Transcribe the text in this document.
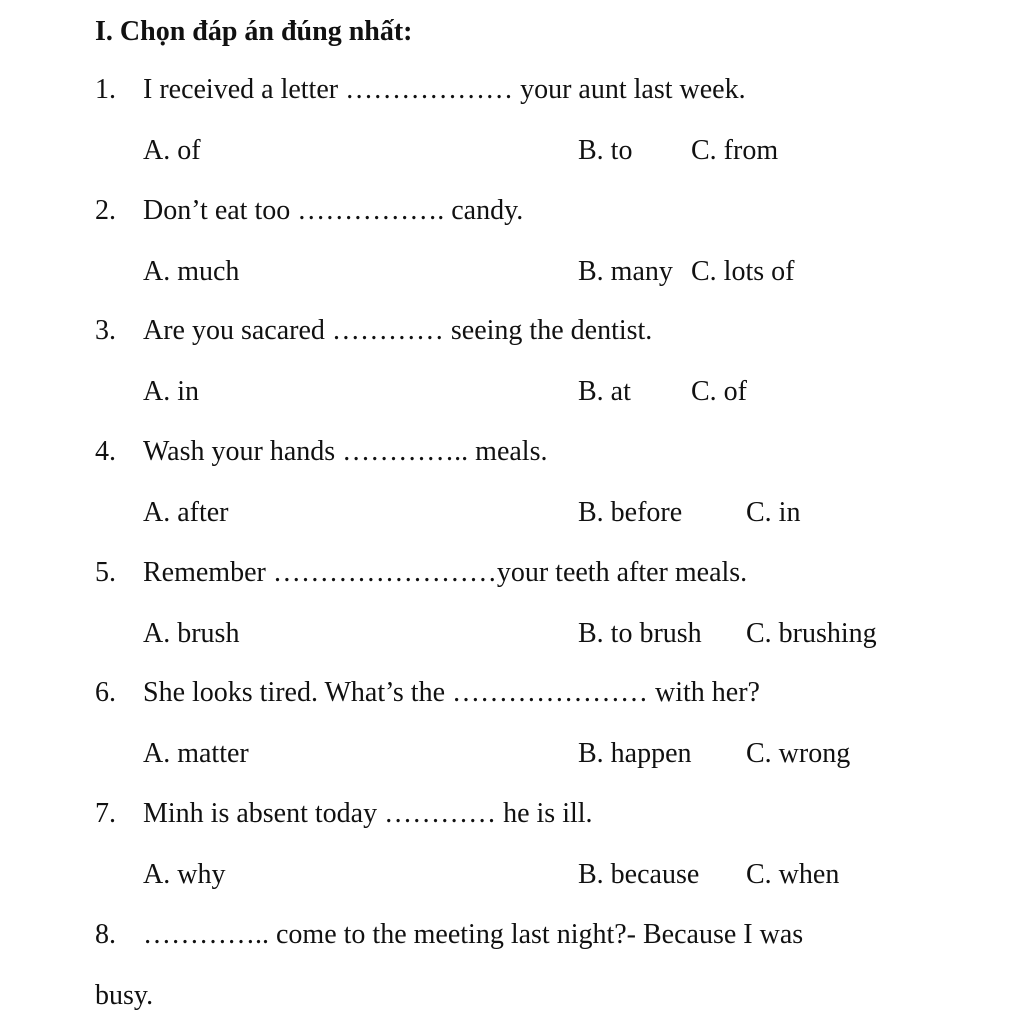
I. Chọn đáp án đúng nhất:
1. I received a letter ……………… your aunt last week.
A. of	B. to C. from
2. Don’t eat too ……………. candy.
A. much	B. many C. lots of
3. Are you sacared ………… seeing the dentist.
A. in	B. at C. of
4. Wash your hands ………….. meals.
A. after	B. before C. in
5. Remember ……………………your teeth after meals.
A. brush	B. to brush C. brushing
6. She looks tired. What’s the ………………… with her?
A. matter	B. happen C. wrong
7. Minh is absent today ………… he is ill.
A. why	B. because C. when
8. ………….. come to the meeting last night?- Because I was
busy.
